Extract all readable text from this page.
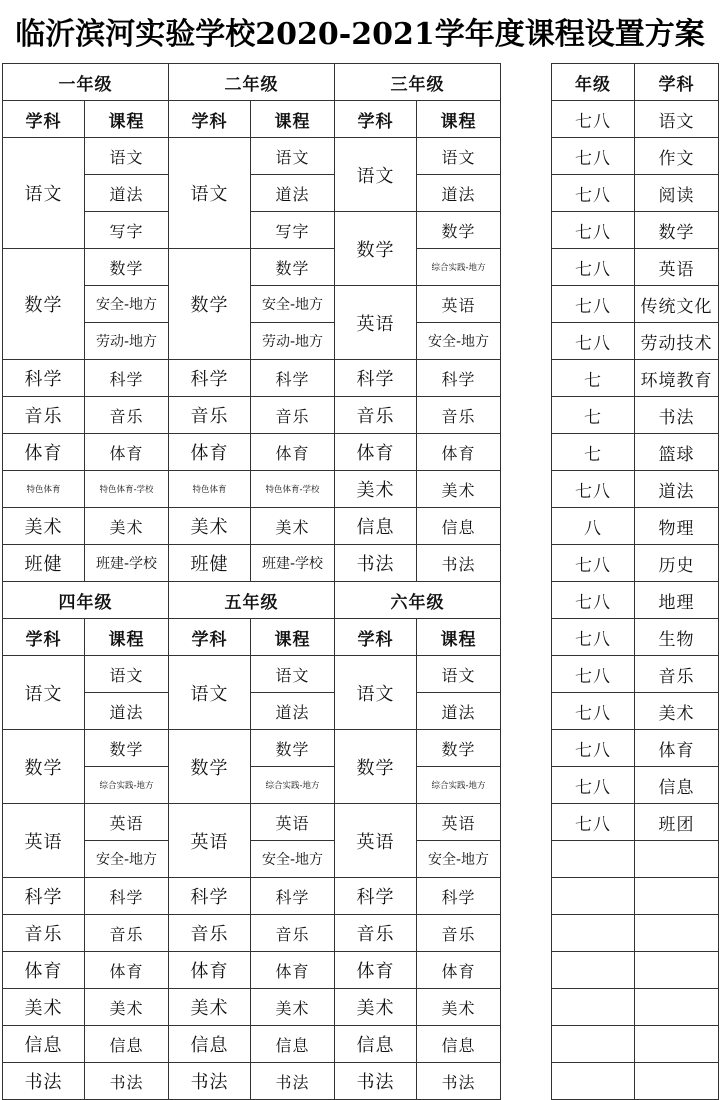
临沂滨河实验学校2020-2021学年度课程设置方案
一年级		二年级		三年级	
学科	课程	学科	课程	学科	课程
语文	语文	语文	语文	语文	语文
	道法		道法		道法
	写字		写字	数学	数学
数学	数学	数学	数学		综合实践-地方
	安全-地方		安全-地方	英语	英语
	劳动-地方		劳动-地方		安全-地方
科学	科学	科学	科学	科学	科学
音乐	音乐	音乐	音乐	音乐	音乐
体育	体育	体育	体育	体育	体育
特色体育	特色体育-学校	特色体育	特色体育-学校	美术	美术
美术	美术	美术	美术	信息	信息
班健	班建-学校	班健	班建-学校	书法	书法
四年级		五年级		六年级	
学科	课程	学科	课程	学科	课程
语文	语文	语文	语文	语文	语文
	道法		道法		道法
数学	数学	数学	数学	数学	数学
	综合实践-地方		综合实践-地方		综合实践-地方
英语	英语	英语	英语	英语	英语
	安全-地方		安全-地方		安全-地方
科学	科学	科学	科学	科学	科学
音乐	音乐	音乐	音乐	音乐	音乐
体育	体育	体育	体育	体育	体育
美术	美术	美术	美术	美术	美术
信息	信息	信息	信息	信息	信息
书法	书法	书法	书法	书法	书法
年级	学科
七八	语文
七八	作文
七八	阅读
七八	数学
七八	英语
七八	传统文化
七八	劳动技术
七	环境教育
七	书法
七	篮球
七八	道法
八	物理
七八	历史
七八	地理
七八	生物
七八	音乐
七八	美术
七八	体育
七八	信息
七八	班团
